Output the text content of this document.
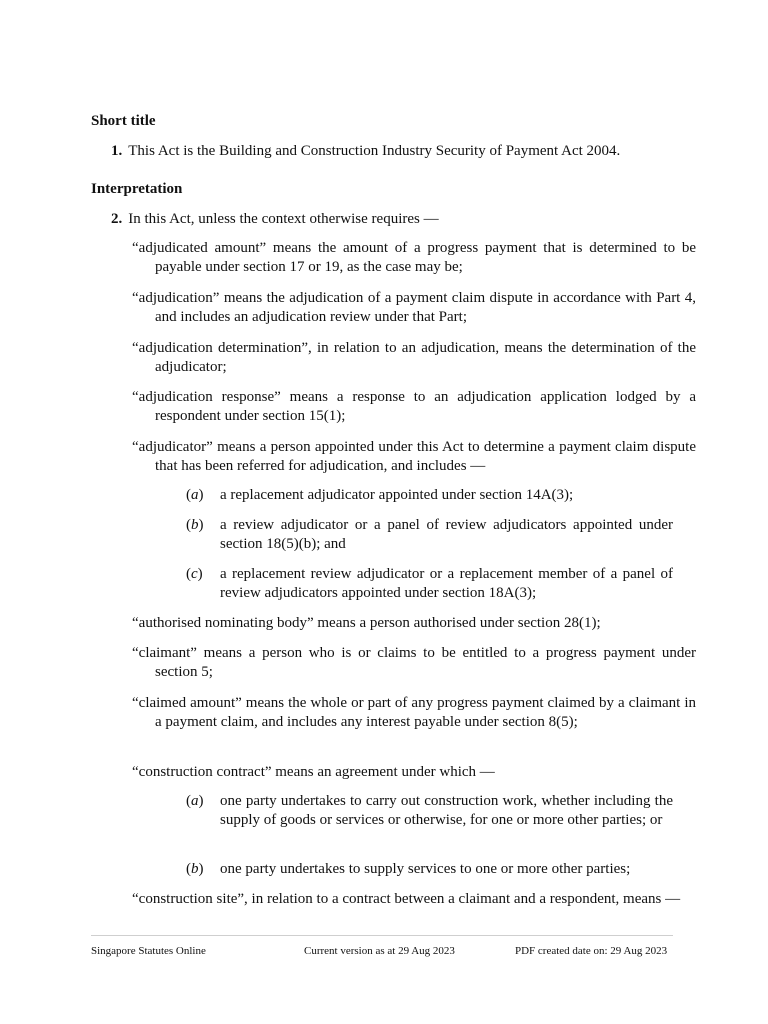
Short title
1. This Act is the Building and Construction Industry Security of Payment Act 2004.
Interpretation
2. In this Act, unless the context otherwise requires —
“adjudicated amount” means the amount of a progress payment that is determined to be payable under section 17 or 19, as the case may be;
“adjudication” means the adjudication of a payment claim dispute in accordance with Part 4, and includes an adjudication review under that Part;
“adjudication determination”, in relation to an adjudication, means the determination of the adjudicator;
“adjudication response” means a response to an adjudication application lodged by a respondent under section 15(1);
“adjudicator” means a person appointed under this Act to determine a payment claim dispute that has been referred for adjudication, and includes —
(a)	a replacement adjudicator appointed under section 14A(3);
(b)	a review adjudicator or a panel of review adjudicators appointed under section 18(5)(b); and
(c)	a replacement review adjudicator or a replacement member of a panel of review adjudicators appointed under section 18A(3);
“authorised nominating body” means a person authorised under section 28(1);
“claimant” means a person who is or claims to be entitled to a progress payment under section 5;
“claimed amount” means the whole or part of any progress payment claimed by a claimant in a payment claim, and includes any interest payable under section 8(5);
“construction contract” means an agreement under which —
(a)	one party undertakes to carry out construction work, whether including the supply of goods or services or otherwise, for one or more other parties; or
(b)	one party undertakes to supply services to one or more other parties;
“construction site”, in relation to a contract between a claimant and a respondent, means —
Singapore Statutes Online	Current version as at 29 Aug 2023	PDF created date on: 29 Aug 2023
